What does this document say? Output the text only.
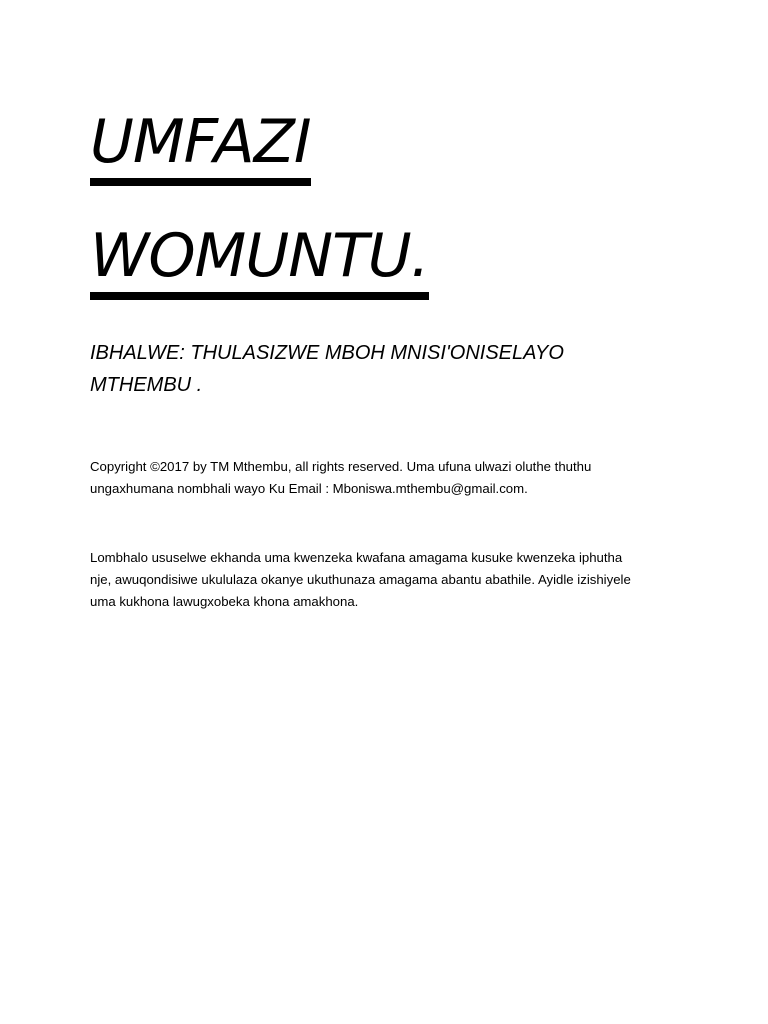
UMFAZI
WOMUNTU.

IBHALWE: THULASIZWE MBOH MNISI'ONISELAYO
MTHEMBU .

Copyright ©2017 by TM Mthembu, all rights reserved. Uma ufuna ulwazi oluthe thuthu
ungaxhumana nombhali wayo Ku Email : Mboniswa.mthembu@gmail.com.

Lombhalo ususelwe ekhanda uma kwenzeka kwafana amagama kusuke kwenzeka iphutha
nje, awuqondisiwe ukululaza okanye ukuthunaza amagama abantu abathile. Ayidle izishiyele
uma kukhona lawugxobeka khona amakhona.
